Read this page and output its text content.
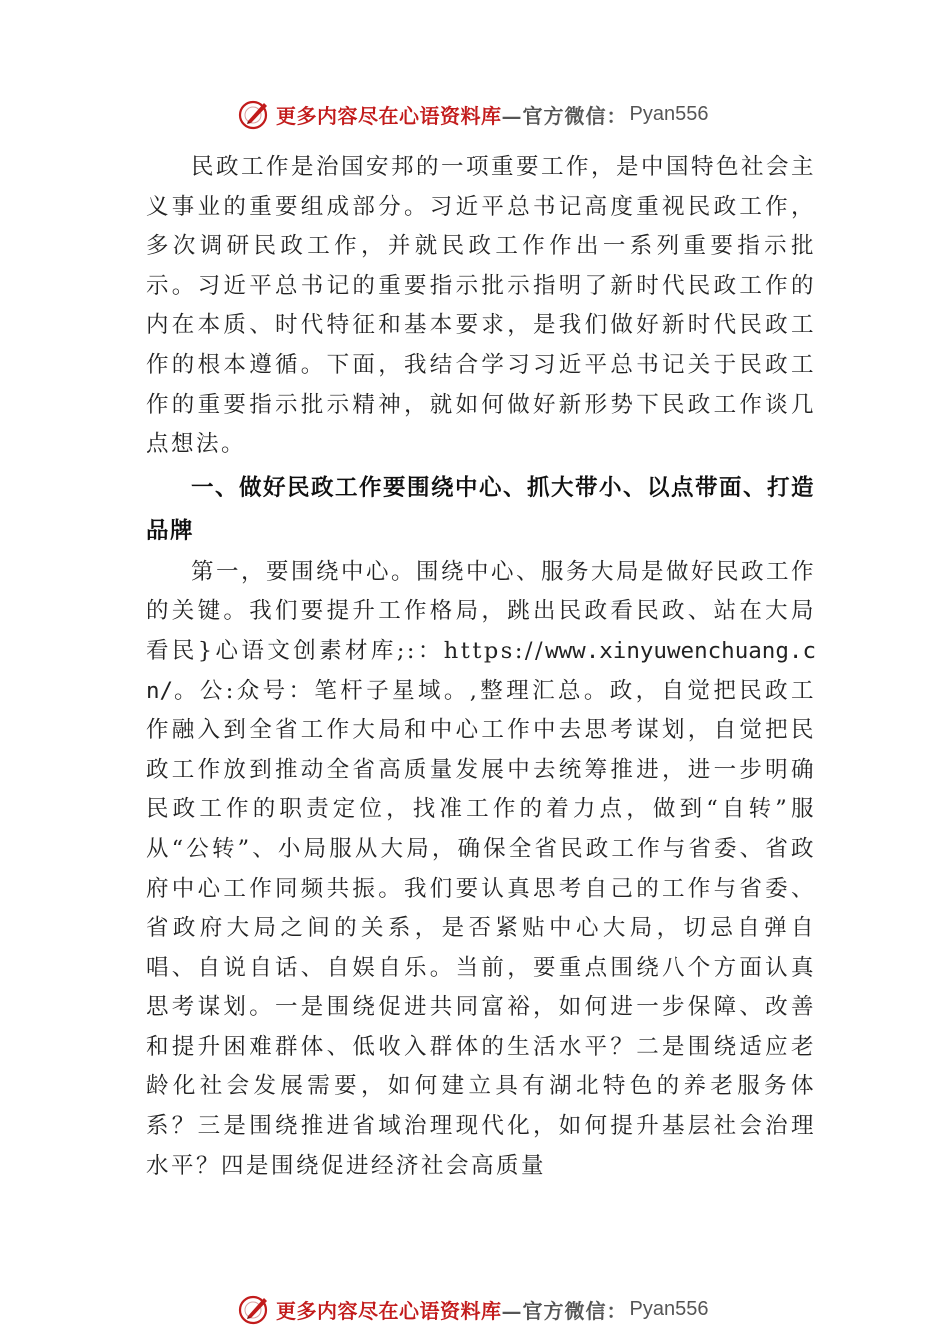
更多内容尽在心语资料库 —官方微信： Pyan556

民政工作是治国安邦的一项重要工作，是中国特色社会主义事业的重要组成部分。习近平总书记高度重视民政工作，多次调研民政工作，并就民政工作作出一系列重要指示批示。习近平总书记的重要指示批示指明了新时代民政工作的内在本质、时代特征和基本要求，是我们做好新时代民政工作的根本遵循。下面，我结合学习习近平总书记关于民政工作的重要指示批示精神，就如何做好新形势下民政工作谈几点想法。

一、做好民政工作要围绕中心、抓大带小、以点带面、打造品牌

第一，要围绕中心。围绕中心、服务大局是做好民政工作的关键。我们要提升工作格局，跳出民政看民政、站在大局看民}心语文创素材库;:：https://www.xinyuwenchuang.cn/。公:众号：笔杆子星域。,整理汇总。政，自觉把民政工作融入到全省工作大局和中心工作中去思考谋划，自觉把民政工作放到推动全省高质量发展中去统筹推进，进一步明确民政工作的职责定位，找准工作的着力点，做到“自转”服从“公转”、小局服从大局，确保全省民政工作与省委、省政府中心工作同频共振。我们要认真思考自己的工作与省委、省政府大局之间的关系，是否紧贴中心大局，切忌自弹自唱、自说自话、自娱自乐。当前，要重点围绕八个方面认真思考谋划。一是围绕促进共同富裕，如何进一步保障、改善和提升困难群体、低收入群体的生活水平？二是围绕适应老龄化社会发展需要，如何建立具有湖北特色的养老服务体系？三是围绕推进省域治理现代化，如何提升基层社会治理水平？四是围绕促进经济社会高质量

更多内容尽在心语资料库 —官方微信： Pyan556
